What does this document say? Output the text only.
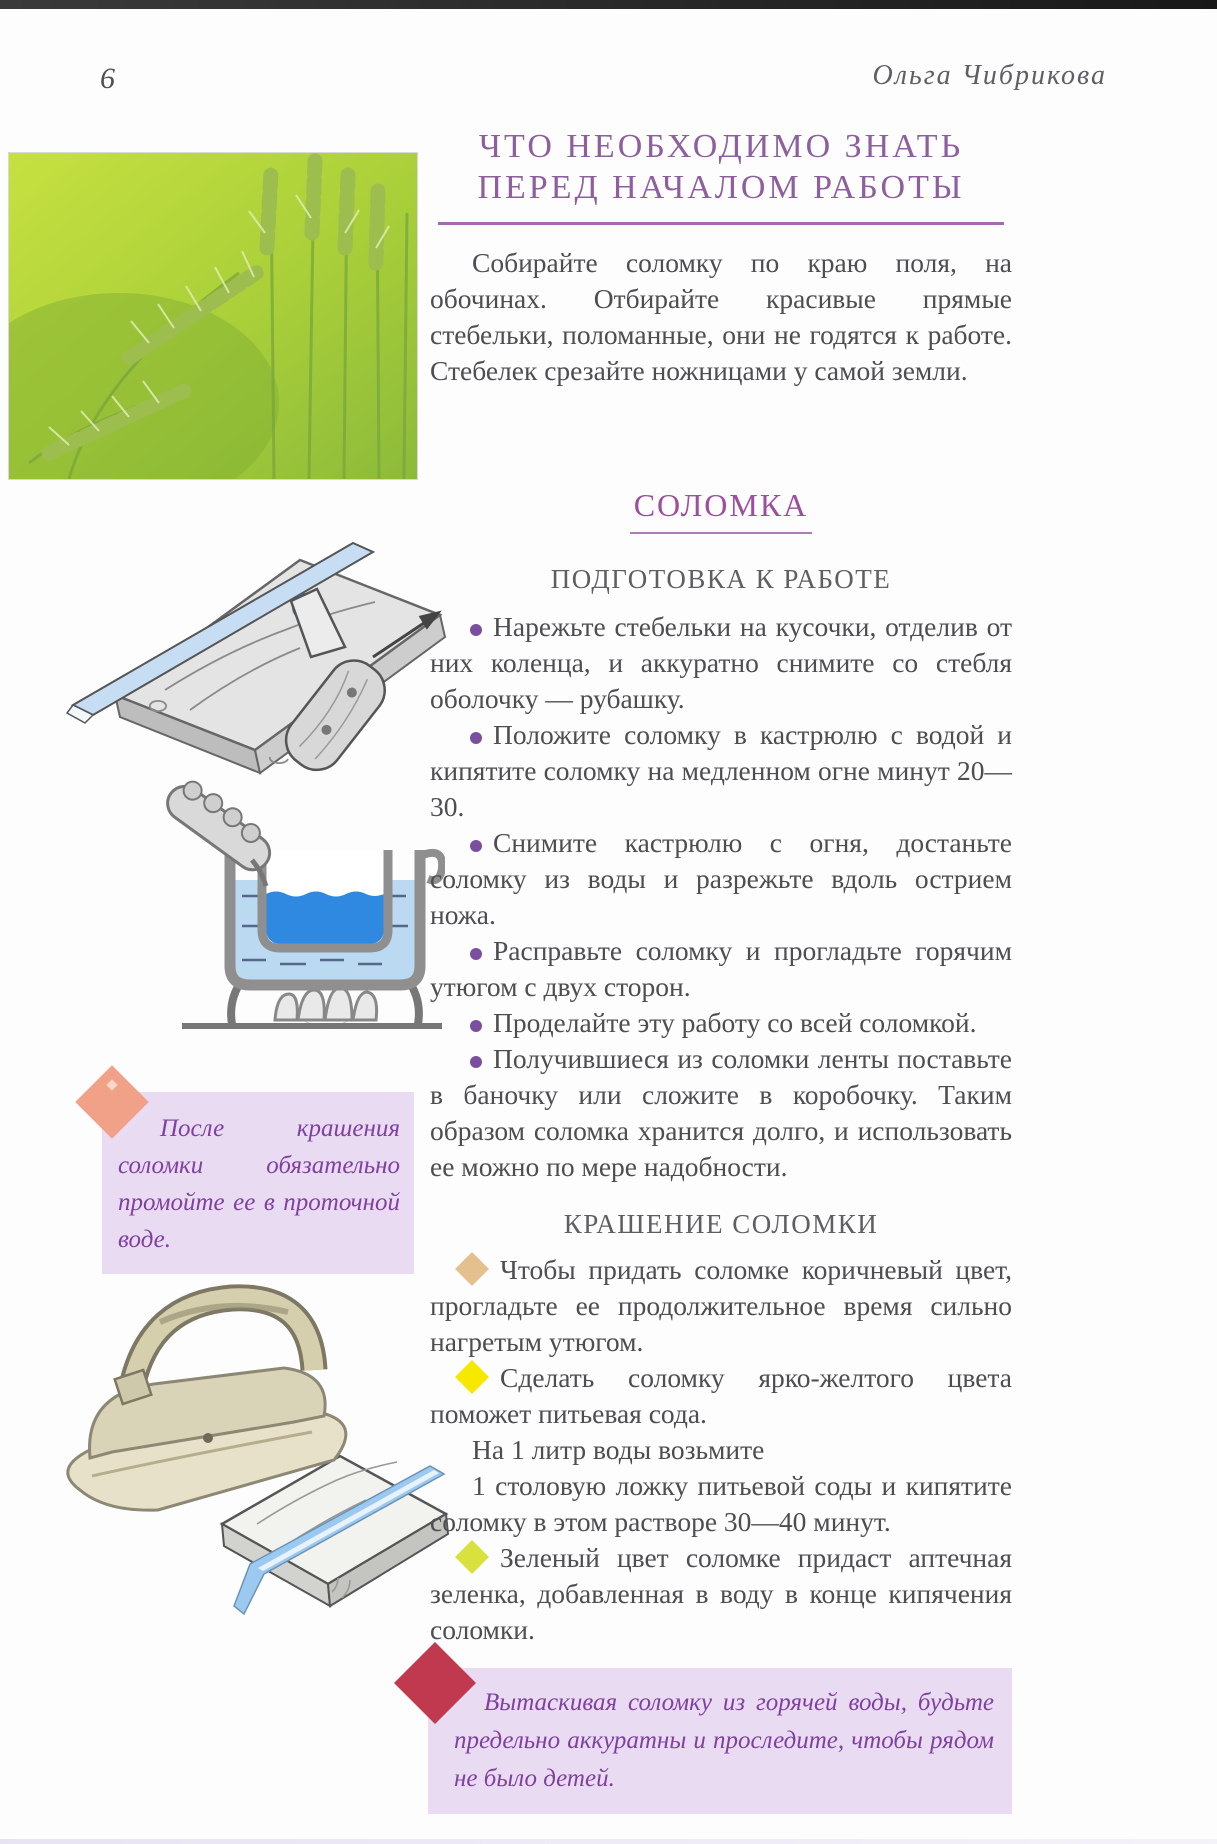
6	Ольга Чибрикова

После крашения соломки обязательно промойте ее в проточной воде.

ЧТО НЕОБХОДИМО ЗНАТЬ
ПЕРЕД НАЧАЛОМ РАБОТЫ

Собирайте соломку по краю поля, на обочинах. Отбирайте красивые прямые стебельки, поломанные, они не годятся к работе. Стебелек срезайте ножницами у самой земли.

СОЛОМКА
ПОДГОТОВКА К РАБОТЕ

Нарежьте стебельки на кусочки, отделив от них коленца, и аккуратно снимите со стебля оболочку — рубашку.

Положите соломку в кастрюлю с водой и кипятите соломку на медленном огне минут 20—30.

Снимите кастрюлю с огня, достаньте соломку из воды и разрежьте вдоль острием ножа.

Расправьте соломку и прогладьте горячим утюгом с двух сторон.

Проделайте эту работу со всей соломкой.

Получившиеся из соломки ленты поставьте в баночку или сложите в коробочку. Таким образом соломка хранится долго, и использовать ее можно по мере надобности.

КРАШЕНИЕ СОЛОМКИ

Чтобы придать соломке коричневый цвет, прогладьте ее продолжительное время сильно нагретым утюгом.

Сделать соломку ярко-желтого цвета поможет питьевая сода.

На 1 литр воды возьмите

1 столовую ложку питьевой соды и кипятите соломку в этом растворе 30—40 минут.

Зеленый цвет соломке придаст аптечная зеленка, добавленная в воду в конце кипячения соломки.

Вытаскивая соломку из горячей воды, будьте предельно аккуратны и проследите, чтобы рядом не было детей.
